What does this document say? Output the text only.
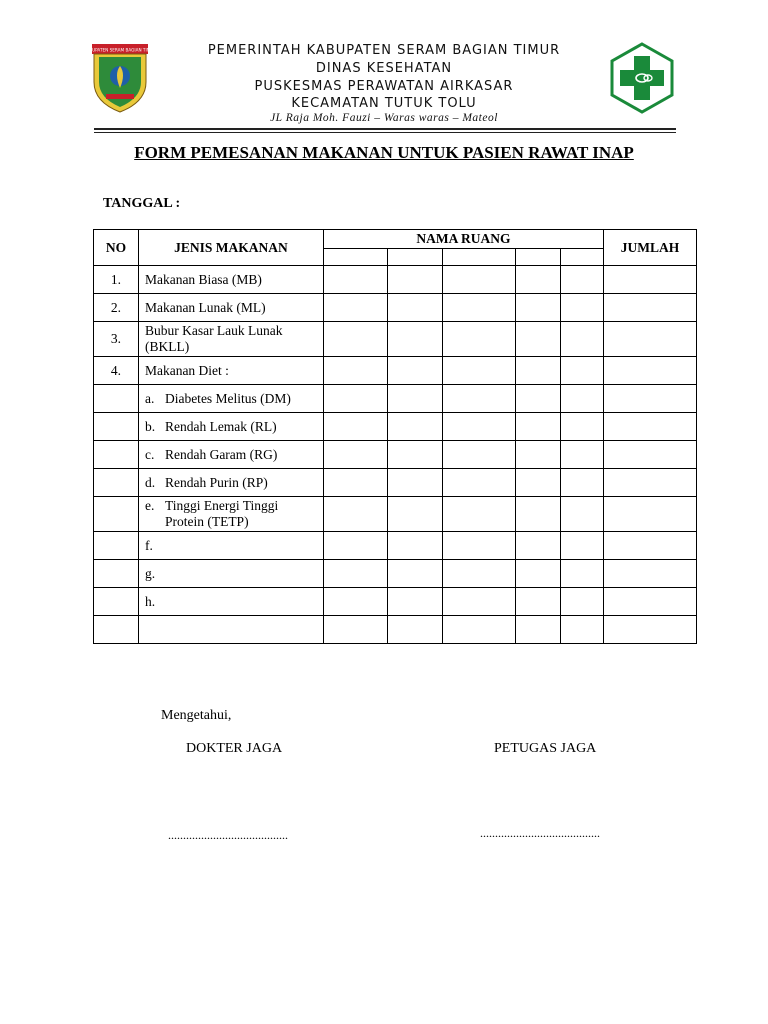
KABUPATEN SERAM BAGIAN TIMUR	PEMERINTAH KABUPATEN SERAM BAGIAN TIMUR
DINAS KESEHATAN
PUSKESMAS PERAWATAN AIRKASAR
KECAMATAN TUTUK TOLU
JL Raja Moh. Fauzi – Waras waras – Mateol
FORM PEMESANAN MAKANAN UNTUK PASIEN RAWAT INAP
TANGGAL :
NO	JENIS MAKANAN	NAMA RUANG					JUMLAH

1.	Makanan Biasa (MB)						
2.	Makanan Lunak (ML)						
3.	Bubur Kasar Lauk Lunak (BKLL)						
4.	Makanan Diet :						
	a. Diabetes Melitus (DM)						
	b. Rendah Lemak (RL)						
	c. Rendah Garam (RG)						
	d. Rendah Purin (RP)						
	e. Tinggi Energi Tinggi Protein (TETP)						
	f.						
	g.						
	h.						

Mengetahui,
DOKTER JAGA	PETUGAS JAGA
........................................	........................................
